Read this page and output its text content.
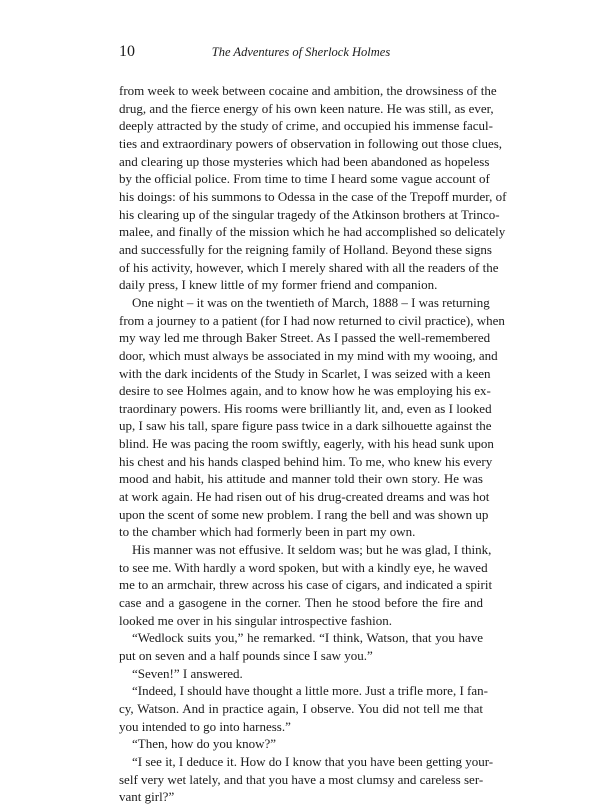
10	The Adventures of Sherlock Holmes
from week to week between cocaine and ambition, the drowsiness of the
drug, and the fierce energy of his own keen nature. He was still, as ever,
deeply attracted by the study of crime, and occupied his immense facul-
ties and extraordinary powers of observation in following out those clues,
and clearing up those mysteries which had been abandoned as hopeless
by the official police. From time to time I heard some vague account of
his doings: of his summons to Odessa in the case of the Trepoff murder, of
his clearing up of the singular tragedy of the Atkinson brothers at Trinco-
malee, and finally of the mission which he had accomplished so delicately
and successfully for the reigning family of Holland. Beyond these signs
of his activity, however, which I merely shared with all the readers of the
daily press, I knew little of my former friend and companion.
One night – it was on the twentieth of March, 1888 – I was returning
from a journey to a patient (for I had now returned to civil practice), when
my way led me through Baker Street. As I passed the well-remembered
door, which must always be associated in my mind with my wooing, and
with the dark incidents of the Study in Scarlet, I was seized with a keen
desire to see Holmes again, and to know how he was employing his ex-
traordinary powers. His rooms were brilliantly lit, and, even as I looked
up, I saw his tall, spare figure pass twice in a dark silhouette against the
blind. He was pacing the room swiftly, eagerly, with his head sunk upon
his chest and his hands clasped behind him. To me, who knew his every
mood and habit, his attitude and manner told their own story. He was
at work again. He had risen out of his drug-created dreams and was hot
upon the scent of some new problem. I rang the bell and was shown up
to the chamber which had formerly been in part my own.
His manner was not effusive. It seldom was; but he was glad, I think,
to see me. With hardly a word spoken, but with a kindly eye, he waved
me to an armchair, threw across his case of cigars, and indicated a spirit
case and a gasogene in the corner. Then he stood before the fire and
looked me over in his singular introspective fashion.
“Wedlock suits you,” he remarked. “I think, Watson, that you have
put on seven and a half pounds since I saw you.”
“Seven!” I answered.
“Indeed, I should have thought a little more. Just a trifle more, I fan-
cy, Watson. And in practice again, I observe. You did not tell me that
you intended to go into harness.”
“Then, how do you know?”
“I see it, I deduce it. How do I know that you have been getting your-
self very wet lately, and that you have a most clumsy and careless ser-
vant girl?”
